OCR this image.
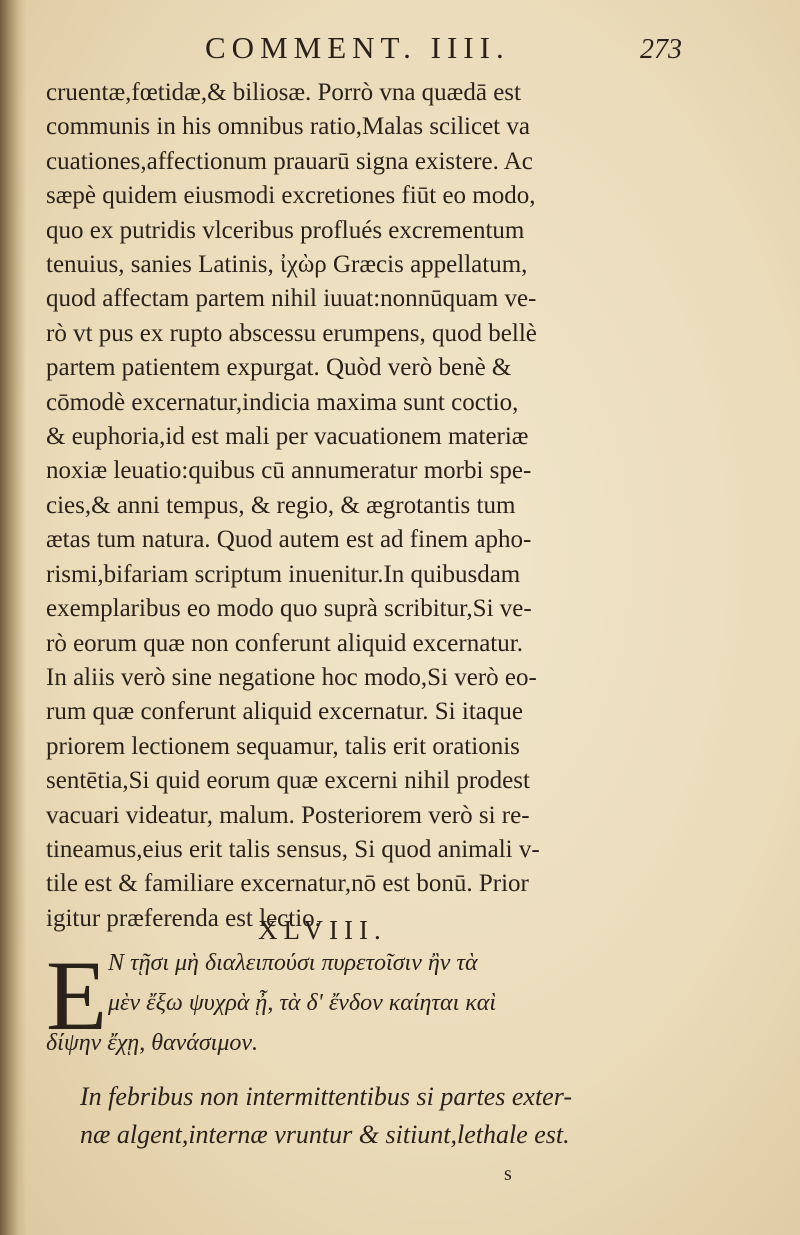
COMMENT. IIII.	273
cruentæ,fœtidæ,& biliosæ. Porrò vna quædā est
communis in his omnibus ratio,Malas scilicet va
cuationes,affectionum prauarū signa existere. Ac
sæpè quidem eiusmodi excretiones fiūt eo modo,
quo ex putridis vlceribus proflués excrementum
tenuius, sanies Latinis, ἰχὼρ Græcis appellatum,
quod affectam partem nihil iuuat:nonnūquam ve-
rò vt pus ex rupto abscessu erumpens, quod bellè
partem patientem expurgat. Quòd verò benè &
cōmodè excernatur,indicia maxima sunt coctio,
& euphoria,id est mali per vacuationem materiæ
noxiæ leuatio:quibus cū annumeratur morbi spe-
cies,& anni tempus, & regio, & ægrotantis tum
ætas tum natura. Quod autem est ad finem apho-
rismi,bifariam scriptum inuenitur.In quibusdam
exemplaribus eo modo quo suprà scribitur,Si ve-
rò eorum quæ non conferunt aliquid excernatur.
In aliis verò sine negatione hoc modo,Si verò eo-
rum quæ conferunt aliquid excernatur. Si itaque
priorem lectionem sequamur, talis erit orationis
sentētia,Si quid eorum quæ excerni nihil prodest
vacuari videatur, malum. Posteriorem verò si re-
tineamus,eius erit talis sensus, Si quod animali v-
tile est & familiare excernatur,nō est bonū. Prior
igitur præferenda est lectio.
XLVIII.
E Ν τῇσι μὴ διαλειπούσι πυρετοῖσιν ἢν τὰ
μὲν ἔξω ψυχρὰ ᾖ, τὰ δ' ἔνδον καίηται καὶ
δίψην ἔχῃ, θανάσιμον.
In febribus non intermittentibus si partes exter-
næ algent,internæ vruntur & sitiunt,lethale est.
s
